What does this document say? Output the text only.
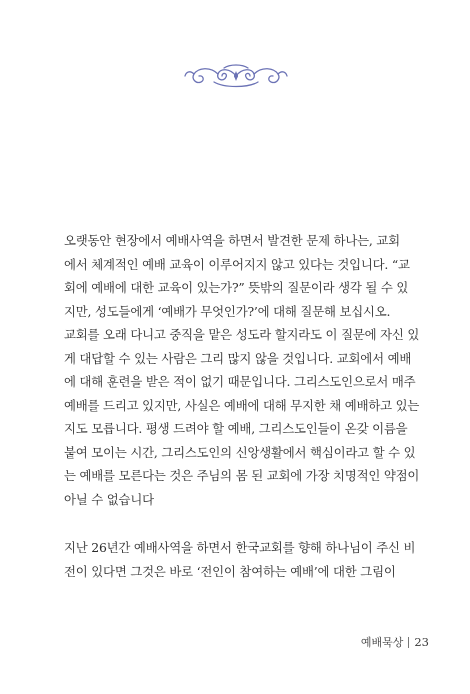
오랫동안 현장에서 예배사역을 하면서 발견한 문제 하나는, 교회
에서 체계적인 예배 교육이 이루어지지 않고 있다는 것입니다. “교
회에 예배에 대한 교육이 있는가?” 뜻밖의 질문이라 생각 될 수 있
지만, 성도들에게 ‘예배가 무엇인가?’에 대해 질문해 보십시오.
교회를 오래 다니고 중직을 맡은 성도라 할지라도 이 질문에 자신 있
게 대답할 수 있는 사람은 그리 많지 않을 것입니다. 교회에서 예배
에 대해 훈련을 받은 적이 없기 때문입니다. 그리스도인으로서 매주
예배를 드리고 있지만, 사실은 예배에 대해 무지한 채 예배하고 있는
지도 모릅니다. 평생 드려야 할 예배, 그리스도인들이 온갖 이름을
붙여 모이는 시간, 그리스도인의 신앙생활에서 핵심이라고 할 수 있
는 예배를 모른다는 것은 주님의 몸 된 교회에 가장 치명적인 약점이
아닐 수 없습니다
지난 26년간 예배사역을 하면서 한국교회를 향해 하나님이 주신 비
전이 있다면 그것은 바로 ‘전인이 참여하는 예배’에 대한 그림이
예배묵상 23
